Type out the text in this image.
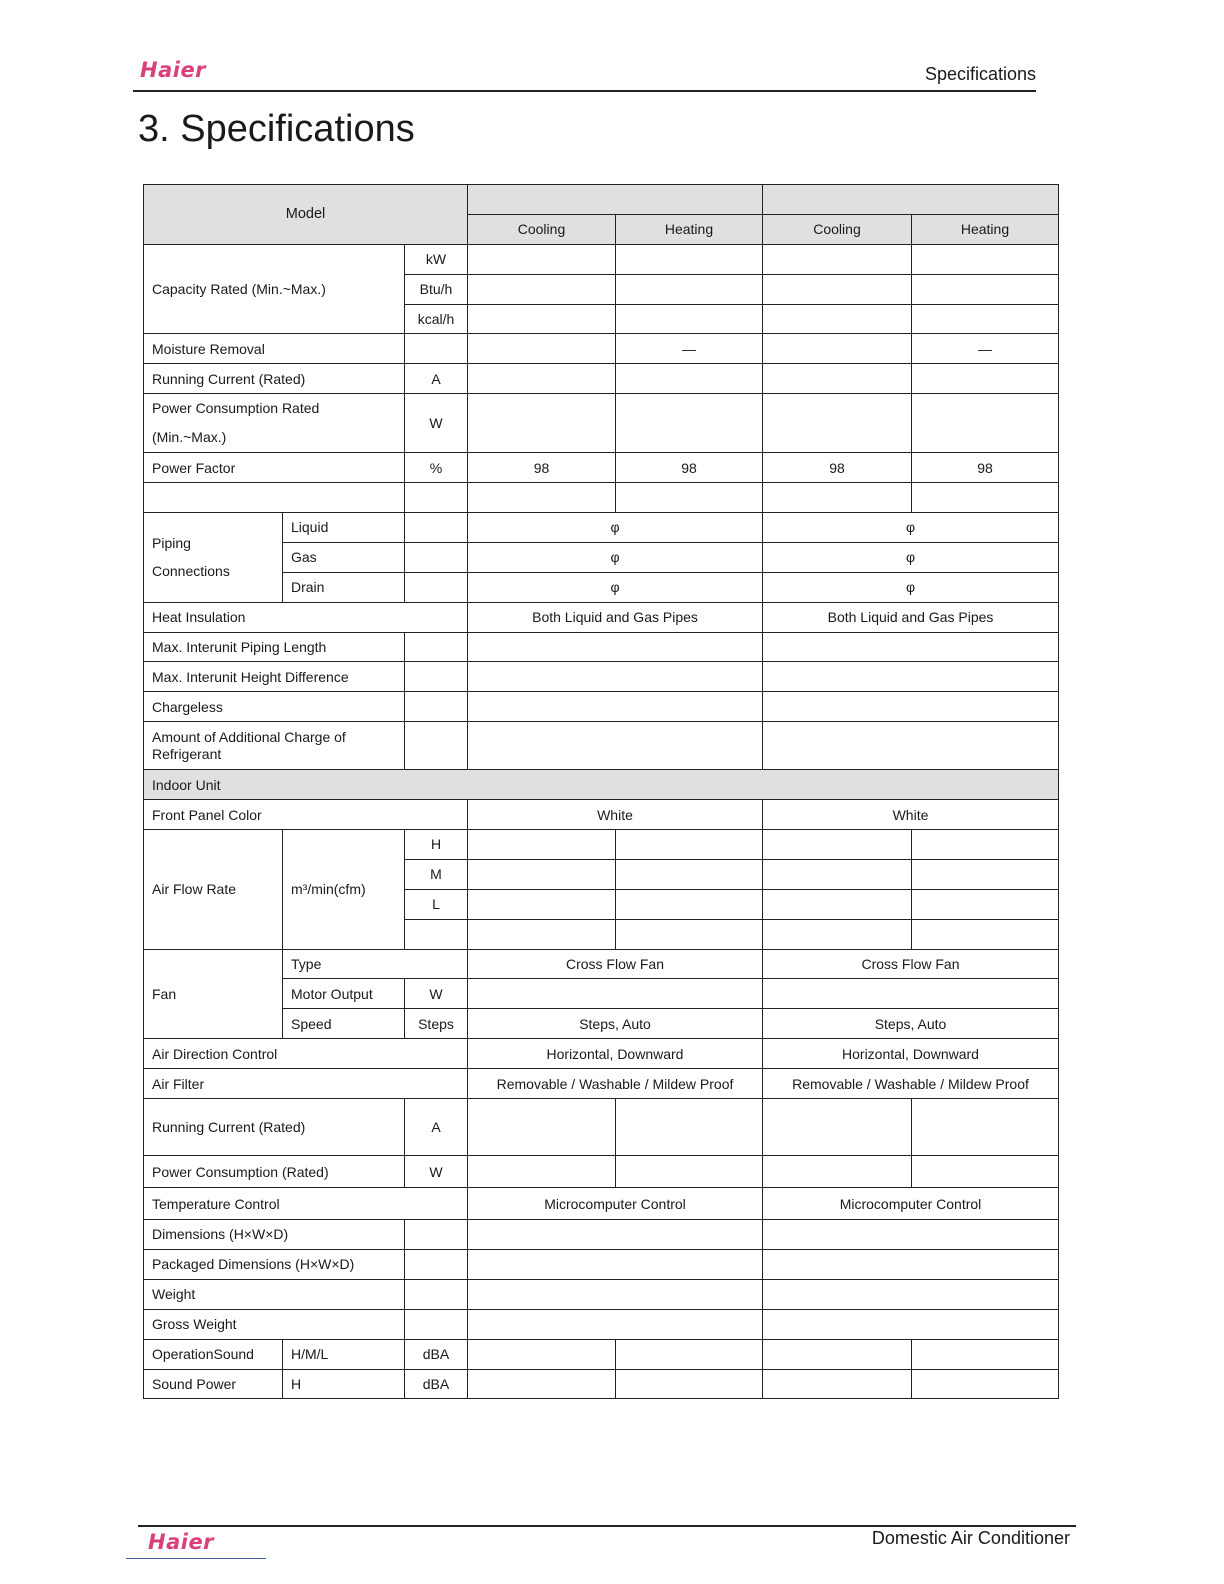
Haier	Specifications
3. Specifications
Model						
			Cooling	Heating	Cooling	Heating
Capacity Rated (Min.~Max.)		kW				
		Btu/h				
		kcal/h				
Moisture Removal				—		—
Running Current (Rated)		A				

Power Consumption Rated
(Min.~Max.)		W				
Power Factor		%	98	98	98	98

Piping
Connections	Liquid		φ		φ	
	Gas		φ		φ	
	Drain		φ		φ	
Heat Insulation			Both Liquid and Gas Pipes		Both Liquid and Gas Pipes	
Max. Interunit Piping Length						
Max. Interunit Height Difference						
Chargeless						
Amount of Additional Charge of Refrigerant						
Indoor Unit						
Front Panel Color			White		White	
Air Flow Rate	m³/min(cfm)	H				
		M				
		L				

Fan	Type		Cross Flow Fan		Cross Flow Fan	
	Motor Output	W				
	Speed	Steps	Steps, Auto		Steps, Auto	
Air Direction Control			Horizontal, Downward		Horizontal, Downward	
Air Filter			Removable / Washable / Mildew Proof		Removable / Washable / Mildew Proof	
Running Current (Rated)		A				
Power Consumption (Rated)		W				
Temperature Control			Microcomputer Control		Microcomputer Control	
Dimensions (H×W×D)						
Packaged Dimensions (H×W×D)						
Weight						
Gross Weight						
OperationSound	H/M/L	dBA				
Sound Power	H	dBA				
Haier	Domestic Air Conditioner
